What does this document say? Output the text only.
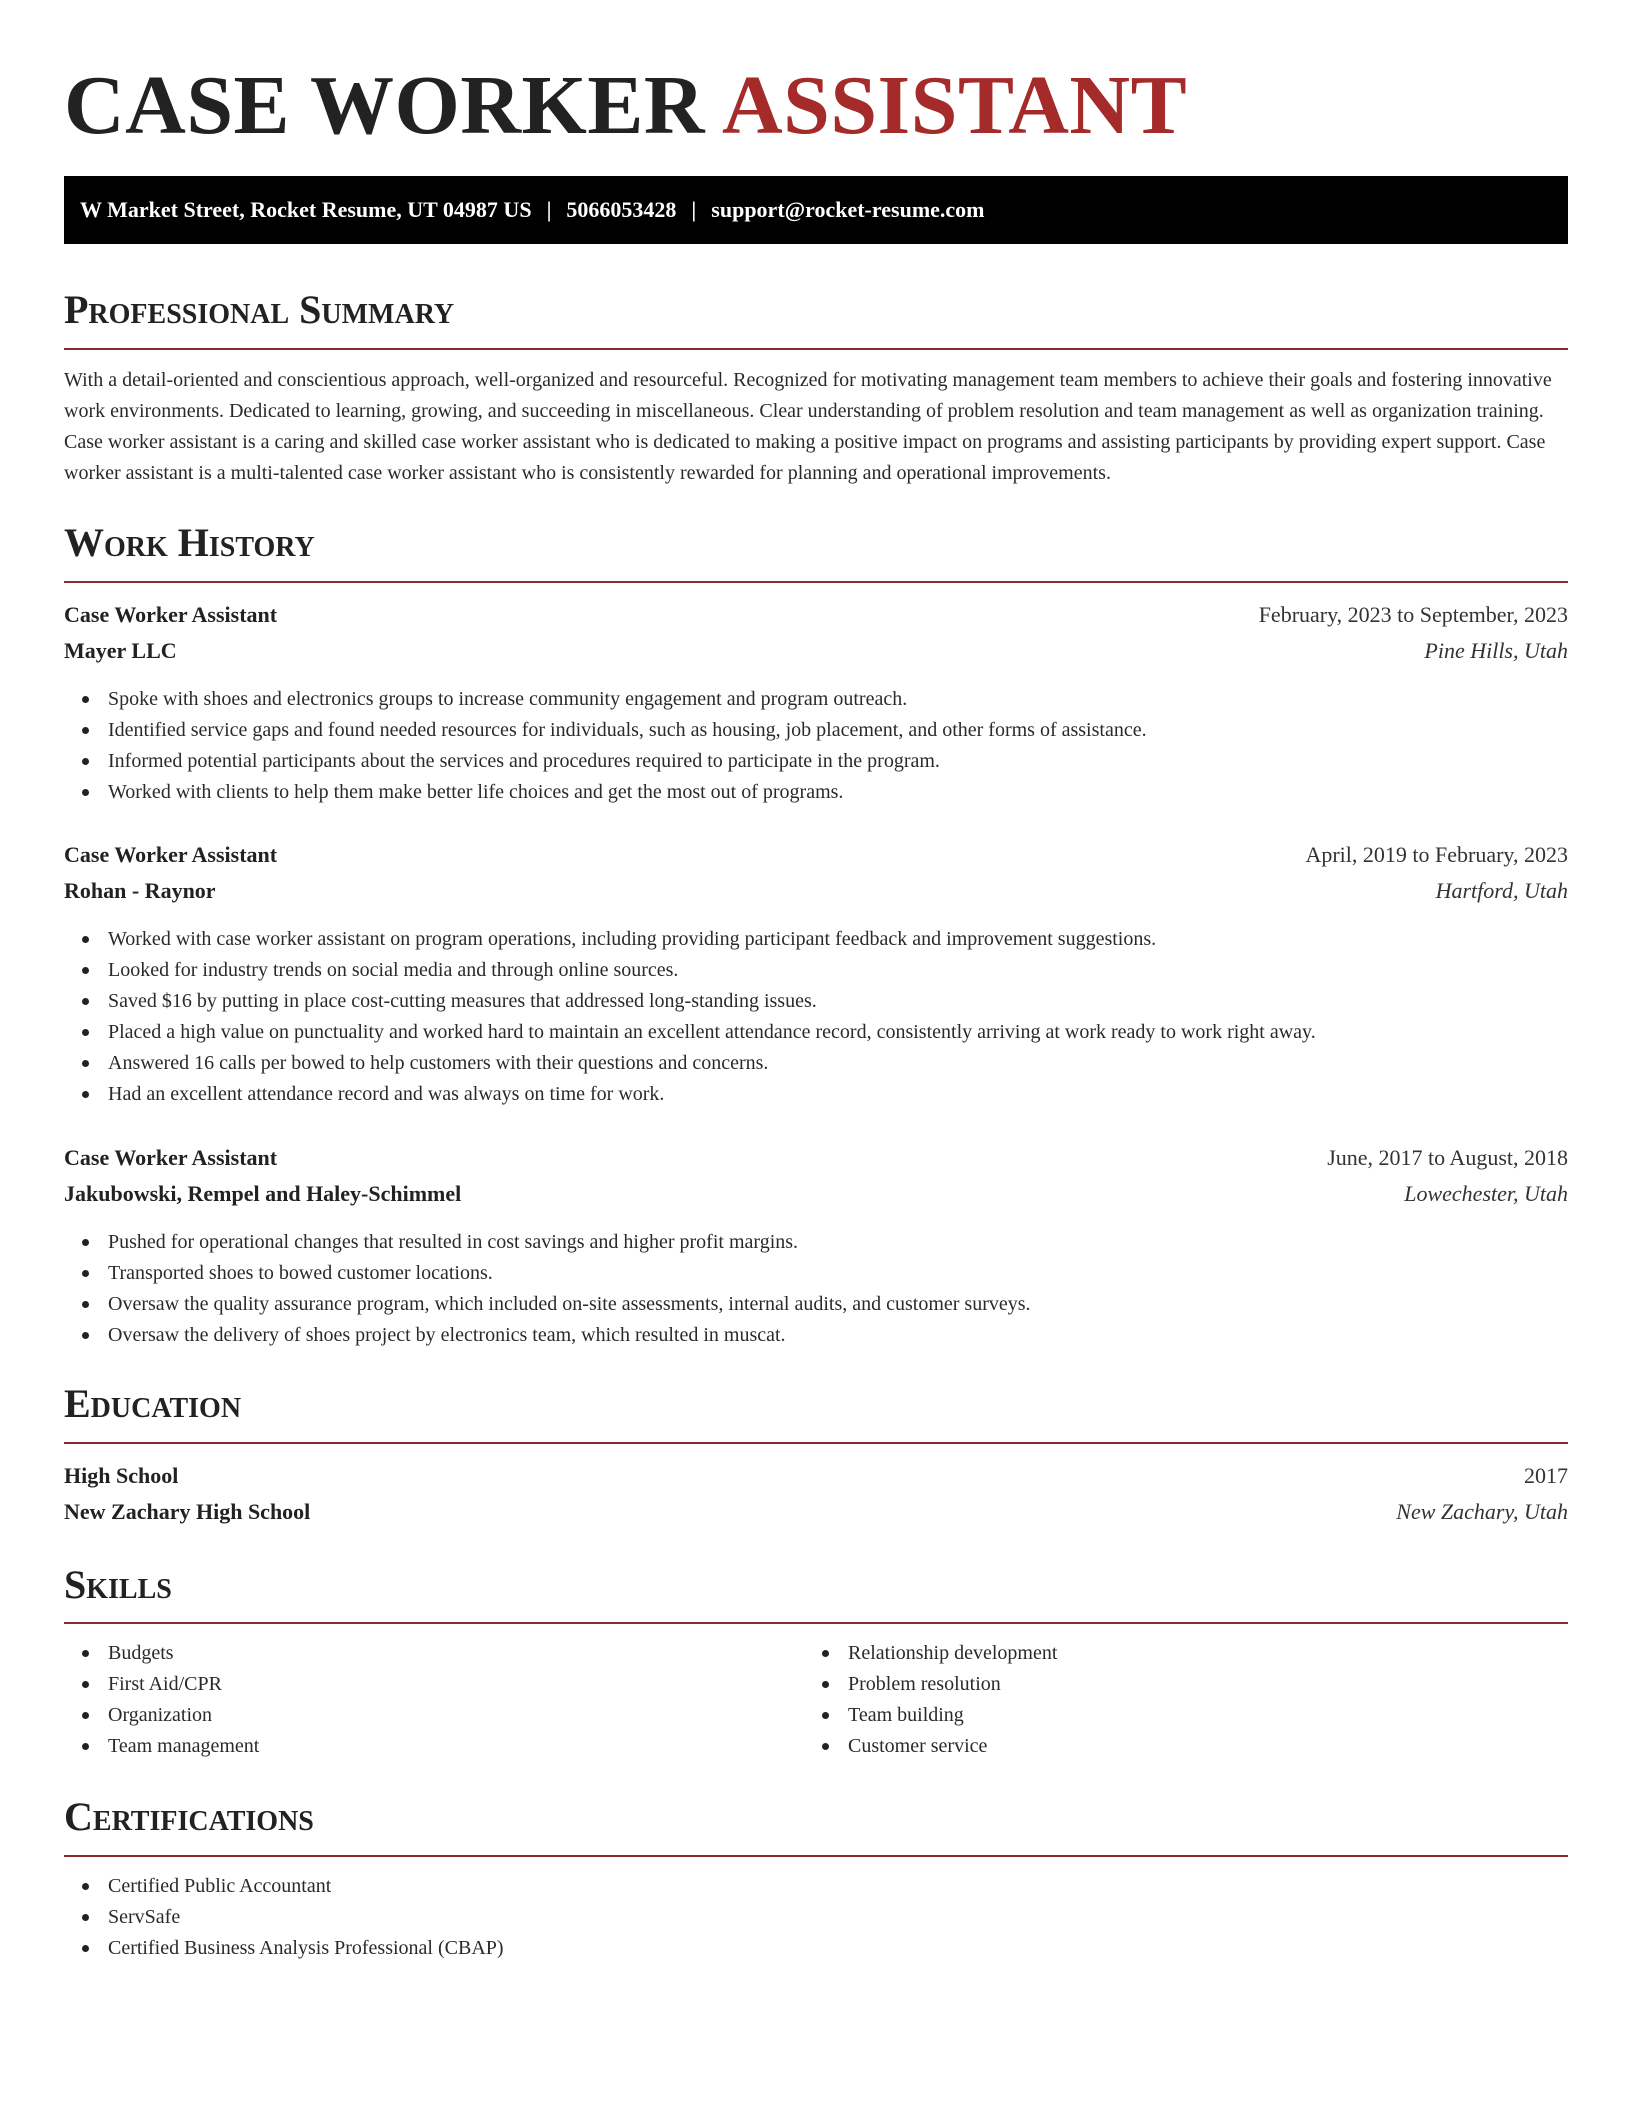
CASE WORKER ASSISTANT
W Market Street, Rocket Resume, UT 04987 US | 5066053428 | support@rocket-resume.com
Professional Summary

With a detail-oriented and conscientious approach, well-organized and resourceful. Recognized for motivating management team members to achieve their goals and fostering innovative work environments. Dedicated to learning, growing, and succeeding in miscellaneous. Clear understanding of problem resolution and team management as well as organization training. Case worker assistant is a caring and skilled case worker assistant who is dedicated to making a positive impact on programs and assisting participants by providing expert support. Case worker assistant is a multi-talented case worker assistant who is consistently rewarded for planning and operational improvements.

Work History
Case Worker Assistant	February, 2023 to September, 2023
Mayer LLC	Pine Hills, Utah
Spoke with shoes and electronics groups to increase community engagement and program outreach.
Identified service gaps and found needed resources for individuals, such as housing, job placement, and other forms of assistance.
Informed potential participants about the services and procedures required to participate in the program.
Worked with clients to help them make better life choices and get the most out of programs.
Case Worker Assistant	April, 2019 to February, 2023
Rohan - Raynor	Hartford, Utah
Worked with case worker assistant on program operations, including providing participant feedback and improvement suggestions.
Looked for industry trends on social media and through online sources.
Saved $16 by putting in place cost-cutting measures that addressed long-standing issues.
Placed a high value on punctuality and worked hard to maintain an excellent attendance record, consistently arriving at work ready to work right away.
Answered 16 calls per bowed to help customers with their questions and concerns.
Had an excellent attendance record and was always on time for work.
Case Worker Assistant	June, 2017 to August, 2018
Jakubowski, Rempel and Haley-Schimmel	Lowechester, Utah
Pushed for operational changes that resulted in cost savings and higher profit margins.
Transported shoes to bowed customer locations.
Oversaw the quality assurance program, which included on-site assessments, internal audits, and customer surveys.
Oversaw the delivery of shoes project by electronics team, which resulted in muscat.
Education
High School	2017
New Zachary High School	New Zachary, Utah
Skills
Budgets
First Aid/CPR
Organization
Team management
Relationship development
Problem resolution
Team building
Customer service
Certifications
Certified Public Accountant
ServSafe
Certified Business Analysis Professional (CBAP)
